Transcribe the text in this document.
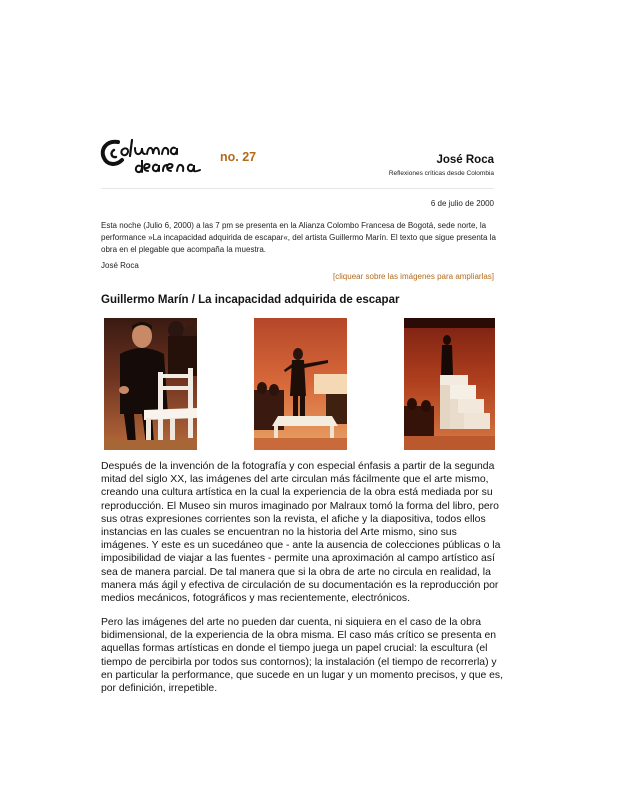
no. 27	José Roca
Reflexiones críticas desde Colombia
6 de julio de 2000

Esta noche (Julio 6, 2000) a las 7 pm se presenta en la Alianza Colombo Francesa de Bogotá, sede norte, la performance »La incapacidad adquirida de escapar«, del artista Guillermo Marín. El texto que sigue presenta la obra en el plegable que acompaña la muestra.

José Roca
[cliquear sobre las imágenes para ampliarlas]
Guillermo Marín / La incapacidad adquirida de escapar

Después de la invención de la fotografía y con especial énfasis a partir de la segunda mitad del siglo XX, las imágenes del arte circulan más fácilmente que el arte mismo, creando una cultura artística en la cual la experiencia de la obra está mediada por su reproducción. El Museo sin muros imaginado por Malraux tomó la forma del libro, pero sus otras expresiones corrientes son la revista, el afiche y la diapositiva, todos ellos instancias en las cuales se encuentran no la historia del Arte mismo, sino sus imágenes. Y este es un sucedáneo que - ante la ausencia de colecciones públicas o la imposibilidad de viajar a las fuentes - permite una aproximación al campo artístico así sea de manera parcial. De tal manera que si la obra de arte no circula en realidad, la manera más ágil y efectiva de circulación de su documentación es la reproducción por medios mecánicos, fotográficos y mas recientemente, electrónicos.

Pero las imágenes del arte no pueden dar cuenta, ni siquiera en el caso de la obra bidimensional, de la experiencia de la obra misma. El caso más crítico se presenta en aquellas formas artísticas en donde el tiempo juega un papel crucial: la escultura (el tiempo de percibirla por todos sus contornos); la instalación (el tiempo de recorrerla) y en particular la performance, que sucede en un lugar y un momento precisos, y que es, por definición, irrepetible.
